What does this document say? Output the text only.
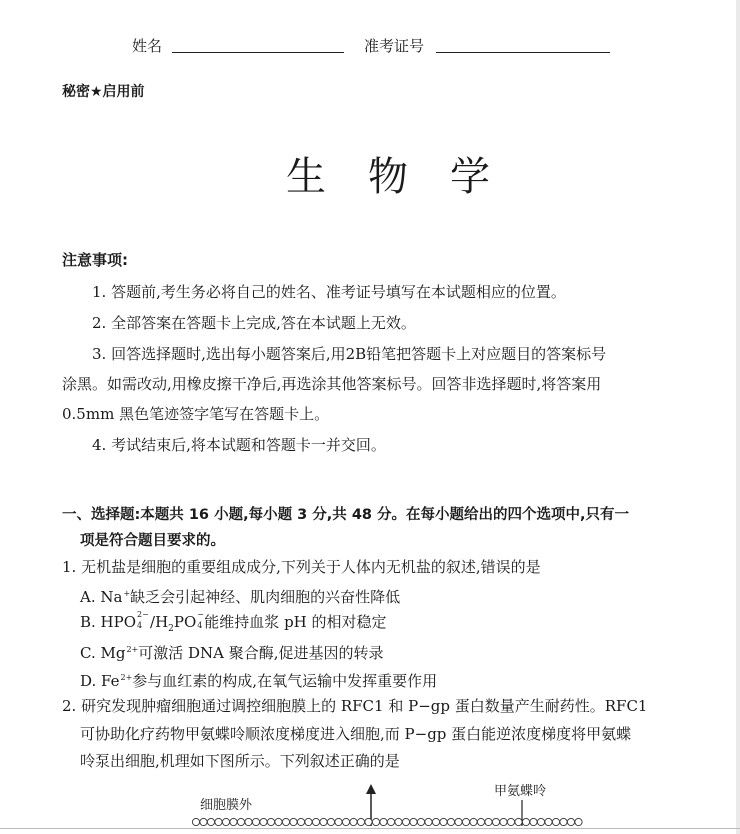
姓名	准考证号
秘密★启用前
生物学
注意事项:
1. 答题前,考生务必将自己的姓名、准考证号填写在本试题相应的位置。
2. 全部答案在答题卡上完成,答在本试题上无效。
3. 回答选择题时,选出每小题答案后,用2B铅笔把答题卡上对应题目的答案标号
涂黑。如需改动,用橡皮擦干净后,再选涂其他答案标号。回答非选择题时,将答案用
0.5mm 黑色笔迹签字笔写在答题卡上。
4. 考试结束后,将本试题和答题卡一并交回。
一、选择题:本题共 16 小题,每小题 3 分,共 48 分。在每小题给出的四个选项中,只有一
项是符合题目要求的。
1. 无机盐是细胞的重要组成成分,下列关于人体内无机盐的叙述,错误的是
A. Na+缺乏会引起神经、肌肉细胞的兴奋性降低
B. HPO 2−
4 $/H_2PO$ −
4 能维持血浆 pH 的相对稳定
C. $Mg^{2+}$可激活 DNA 聚合酶,促进基因的转录
D. $Fe^{2+}$参与血红素的构成,在氧气运输中发挥重要作用
2. 研究发现肿瘤细胞通过调控细胞膜上的 RFC1 和 P−gp 蛋白数量产生耐药性。RFC1
可协助化疗药物甲氨蝶呤顺浓度梯度进入细胞,而 P−gp 蛋白能逆浓度梯度将甲氨蝶
呤泵出细胞,机理如下图所示。下列叙述正确的是
细胞膜外
甲氨蝶呤
